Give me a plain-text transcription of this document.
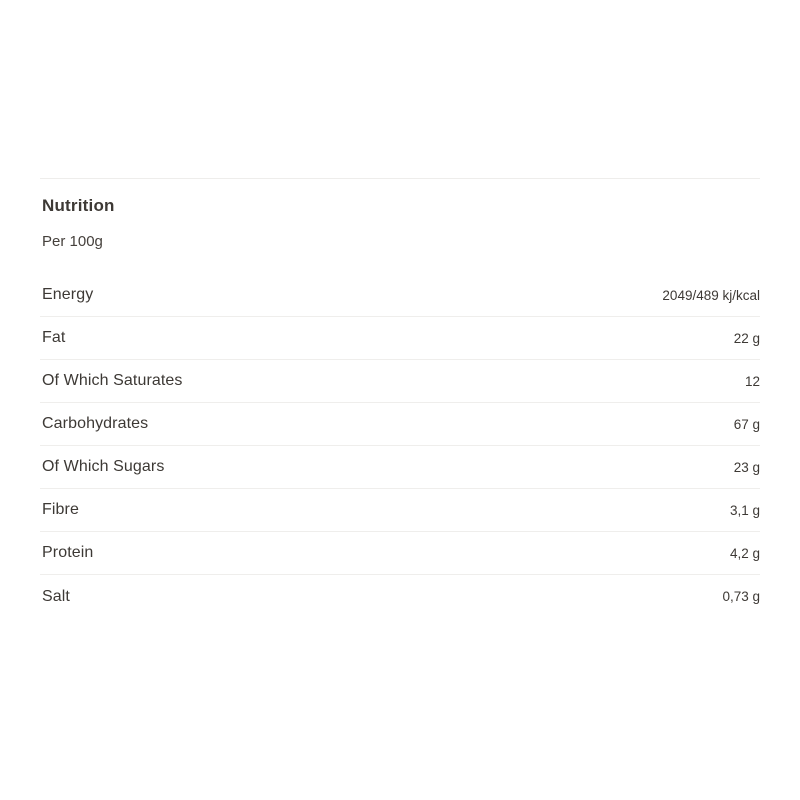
Nutrition

Per 100g

Energy	2049/489 kj/kcal
Fat	22 g
Of Which Saturates	12
Carbohydrates	67 g
Of Which Sugars	23 g
Fibre	3,1 g
Protein	4,2 g
Salt	0,73 g
